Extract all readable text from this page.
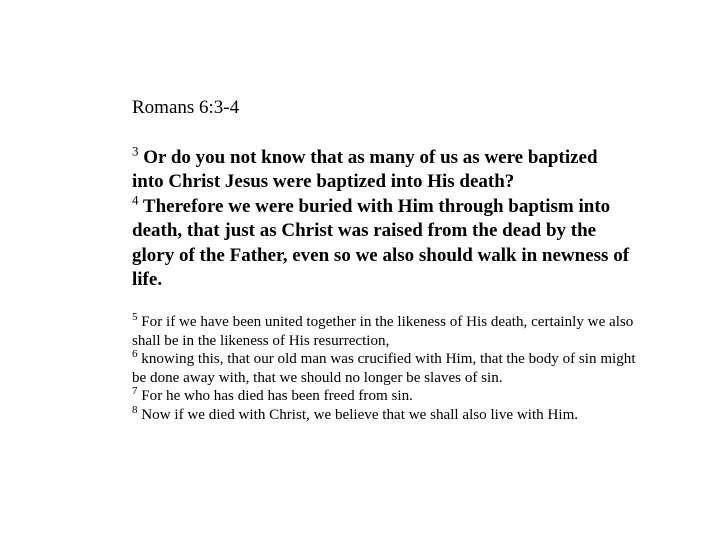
Romans 6:3-4
$^3$ Or do you not know that as many of us as were baptized into Christ Jesus were baptized into His death?
$^4$ Therefore we were buried with Him through baptism into death, that just as Christ was raised from the dead by the glory of the Father, even so we also should walk in newness of life.
$^5$ For if we have been united together in the likeness of His death, certainly we also shall be in the likeness of His resurrection,
$^6$ knowing this, that our old man was crucified with Him, that the body of sin might be done away with, that we should no longer be slaves of sin.
$^7$ For he who has died has been freed from sin.
$^8$ Now if we died with Christ, we believe that we shall also live with Him.
